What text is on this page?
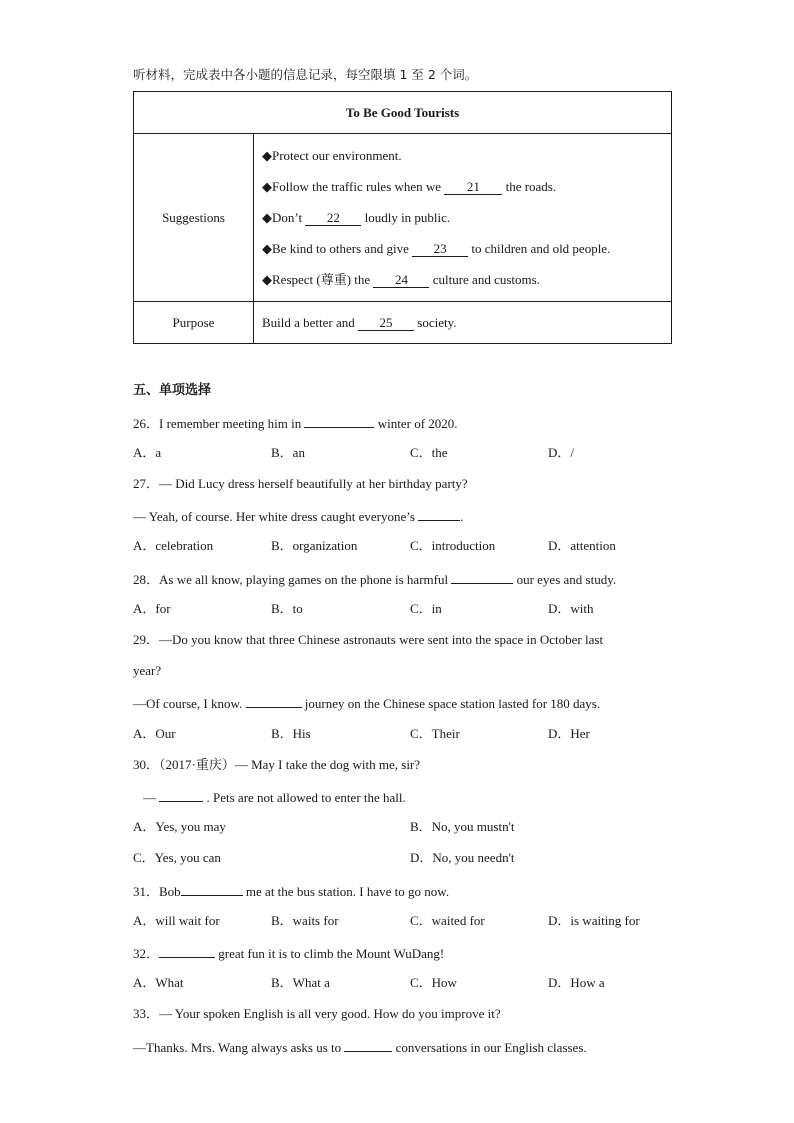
听材料，完成表中各小题的信息记录，每空限填 1 至 2 个词。
To Be Good Tourists	
Suggestions	◆Protect our environment.
◆Follow the traffic rules when we 21 the roads.
◆Don’t 22 loudly in public.
◆Be kind to others and give 23 to children and old people.
◆Respect (尊重) the 24 culture and customs.

Purpose	Build a better and 25 society.
五、单项选择
26．I remember meeting him in	winter of 2020.
A．a	B．an	C．the	D．/
27．— Did Lucy dress herself beautifully at her birthday party?
— Yeah, of course. Her white dress caught everyone’s	.
A．celebration	B．organization	C．introduction	D．attention
28．As we all know, playing games on the phone is harmful	our eyes and study.
A．for	B．to	C．in	D．with
29．—Do you know that three Chinese astronauts were sent into the space in October last
year?
—Of course, I know.	journey on the Chinese space station lasted for 180 days.
A．Our	B．His	C．Their	D．Her
30．（2017·重庆）— May I take the dog with me, sir?
—	. Pets are not allowed to enter the hall.
A．Yes, you may	B．No, you mustn't
C．Yes, you can	D．No, you needn't
31．Bob	me at the bus station. I have to go now.
A．will wait for	B．waits for	C．waited for	D．is waiting for
32．	great fun it is to climb the Mount WuDang!
A．What	B．What a	C．How	D．How a
33．— Your spoken English is all very good. How do you improve it?
—Thanks. Mrs. Wang always asks us to	conversations in our English classes.
